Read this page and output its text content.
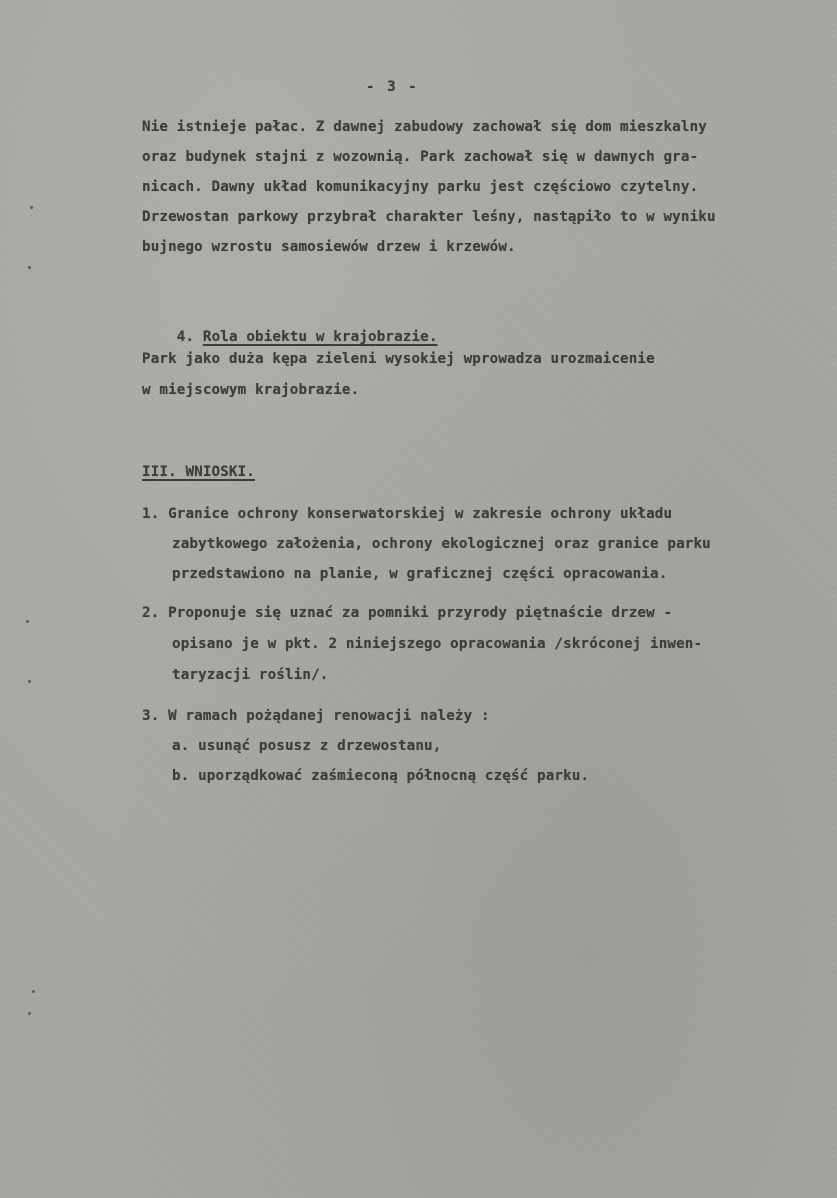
- 3 -
Nie istnieje pałac. Z dawnej zabudowy zachował się dom mieszkalny
oraz budynek stajni z wozownią. Park zachował się w dawnych gra-
nicach. Dawny układ komunikacyjny parku jest częściowo czytelny.
Drzewostan parkowy przybrał charakter leśny, nastąpiło to w wyniku
bujnego wzrostu samosiewów drzew i krzewów.

4. Rola obiektu w krajobrazie.

Park jako duża kępa zieleni wysokiej wprowadza urozmaicenie
w miejscowym krajobrazie.
III. WNIOSKI.
1. Granice ochrony konserwatorskiej w zakresie ochrony układu
zabytkowego założenia, ochrony ekologicznej oraz granice parku
przedstawiono na planie, w graficznej części opracowania.
2. Proponuje się uznać za pomniki przyrody piętnaście drzew -
opisano je w pkt. 2 niniejszego opracowania /skróconej inwen-
taryzacji roślin/.
3. W ramach pożądanej renowacji należy :
a. usunąć posusz z drzewostanu,
b. uporządkować zaśmieconą północną część parku.
